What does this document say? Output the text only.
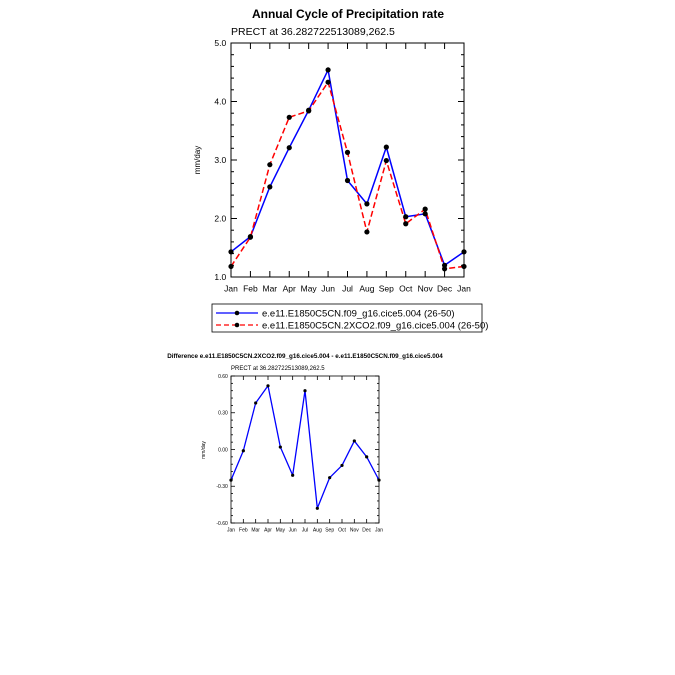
Annual Cycle of Precipitation rate
PRECT at 36.282722513089,262.5
mm/day
1.0
2.0
3.0
4.0
5.0
Jan Feb Mar Apr May Jun Jul Aug Sep Oct Nov Dec Jan
e.e11.E1850C5CN.f09_g16.cice5.004 (26-50)
e.e11.E1850C5CN.2XCO2.f09_g16.cice5.004 (26-50)
Difference e.e11.E1850C5CN.2XCO2.f09_g16.cice5.004 - e.e11.E1850C5CN.f09_g16.cice5.004
PRECT at 36.282722513089,262.5
mm/day
-0.60
-0.30
0.00
0.30
0.60
Jan Feb Mar Apr May Jun Jul Aug Sep Oct Nov Dec Jan
